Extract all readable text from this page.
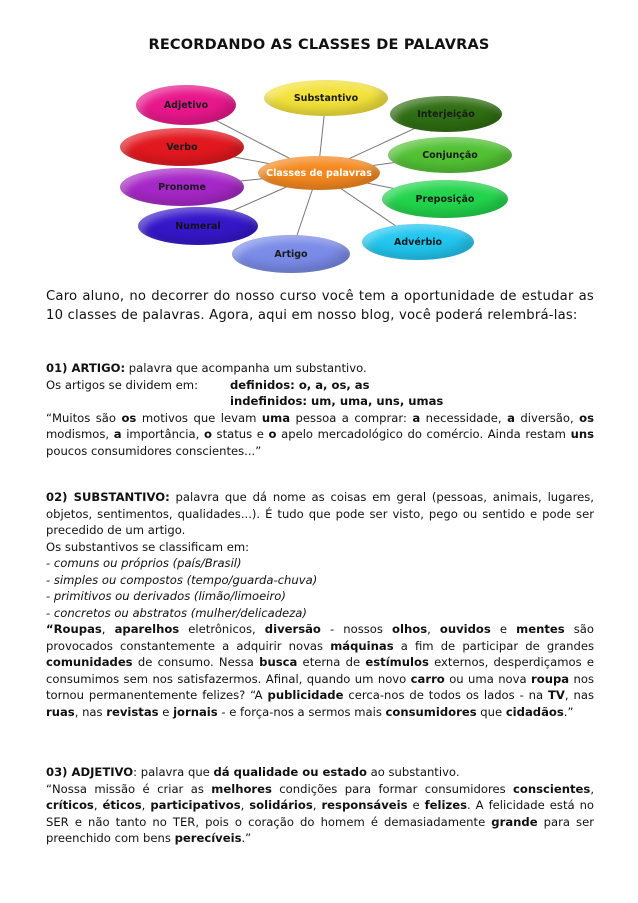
RECORDANDO AS CLASSES DE PALAVRAS
Adjetivo
Substantivo
Interjeição
Verbo
Conjunção
Pronome
Preposição
Numeral
Advérbio
Artigo
Classes de palavras
Caro aluno, no decorrer do nosso curso você tem a oportunidade de estudar as 10 classes de palavras. Agora, aqui em nosso blog, você poderá relembrá-las:

01) ARTIGO: palavra que acompanha um substantivo.

Os artigos se dividem em:	definidos: o, a, os, as
indefinidos: um, uma, uns, umas

“Muitos são os motivos que levam uma pessoa a comprar: a necessidade, a diversão, os modismos, a importância, o status e o apelo mercadológico do comércio. Ainda restam uns poucos consumidores conscientes...”

02) SUBSTANTIVO: palavra que dá nome as coisas em geral (pessoas, animais, lugares, objetos, sentimentos, qualidades...). É tudo que pode ser visto, pego ou sentido e pode ser precedido de um artigo.

Os substantivos se classificam em:

- comuns ou próprios (país/Brasil)

- simples ou compostos (tempo/guarda-chuva)

- primitivos ou derivados (limão/limoeiro)

- concretos ou abstratos (mulher/delicadeza)

“Roupas, aparelhos eletrônicos, diversão - nossos olhos, ouvidos e mentes são provocados constantemente a adquirir novas máquinas a fim de participar de grandes comunidades de consumo. Nessa busca eterna de estímulos externos, desperdiçamos e consumimos sem nos satisfazermos. Afinal, quando um novo carro ou uma nova roupa nos tornou permanentemente felizes? “A publicidade cerca-nos de todos os lados - na TV, nas ruas, nas revistas e jornais - e força-nos a sermos mais consumidores que cidadãos.”

03) ADJETIVO: palavra que dá qualidade ou estado ao substantivo.

“Nossa missão é criar as melhores condições para formar consumidores conscientes, críticos, éticos, participativos, solidários, responsáveis e felizes. A felicidade está no SER e não tanto no TER, pois o coração do homem é demasiadamente grande para ser preenchido com bens perecíveis.”
